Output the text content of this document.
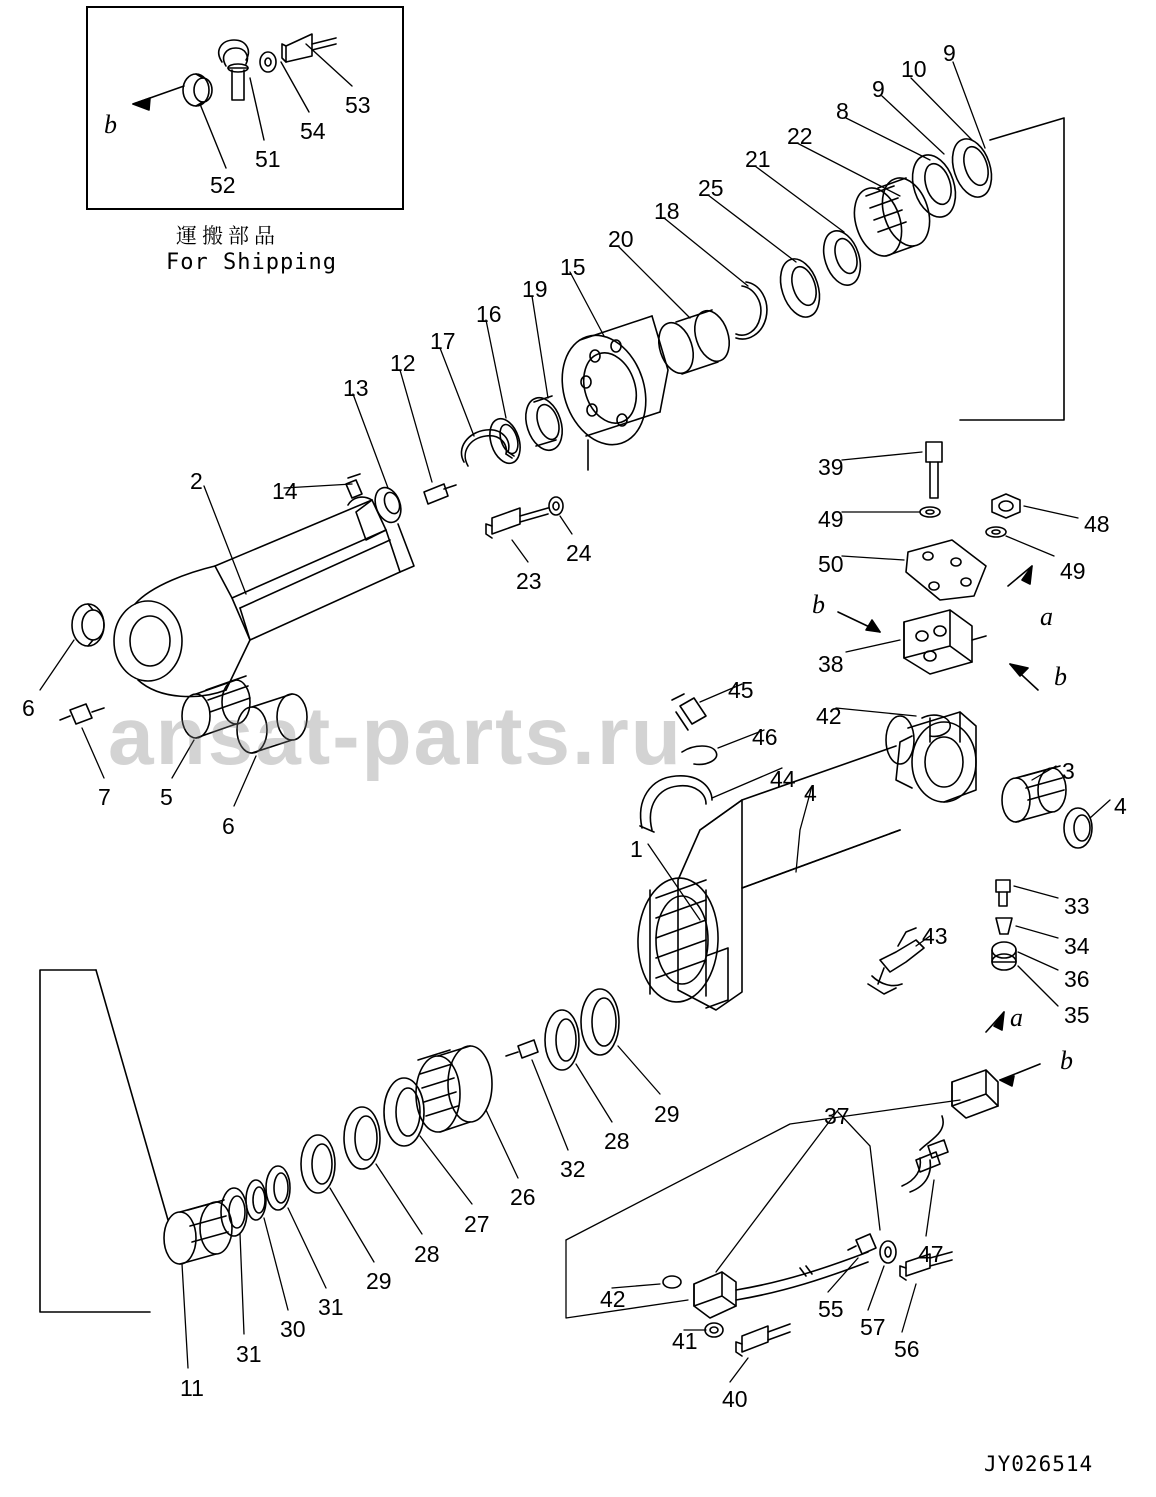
運搬部品
For Shipping
ansat-parts.ru
JY026514
53
54
51
52
9
10
9
8
22
21
25
18
20
15
19
16
17
12
13
14
2
23
24
6
7 5
6
39
49
50
48
49
38
45
46
44
42
4
1
3
4
33
34
36
35
43
29
28
32
26
27
28
29
31
30
31
11
37
42
41
40
55
57
56
47
b
a
b
b
a
b
